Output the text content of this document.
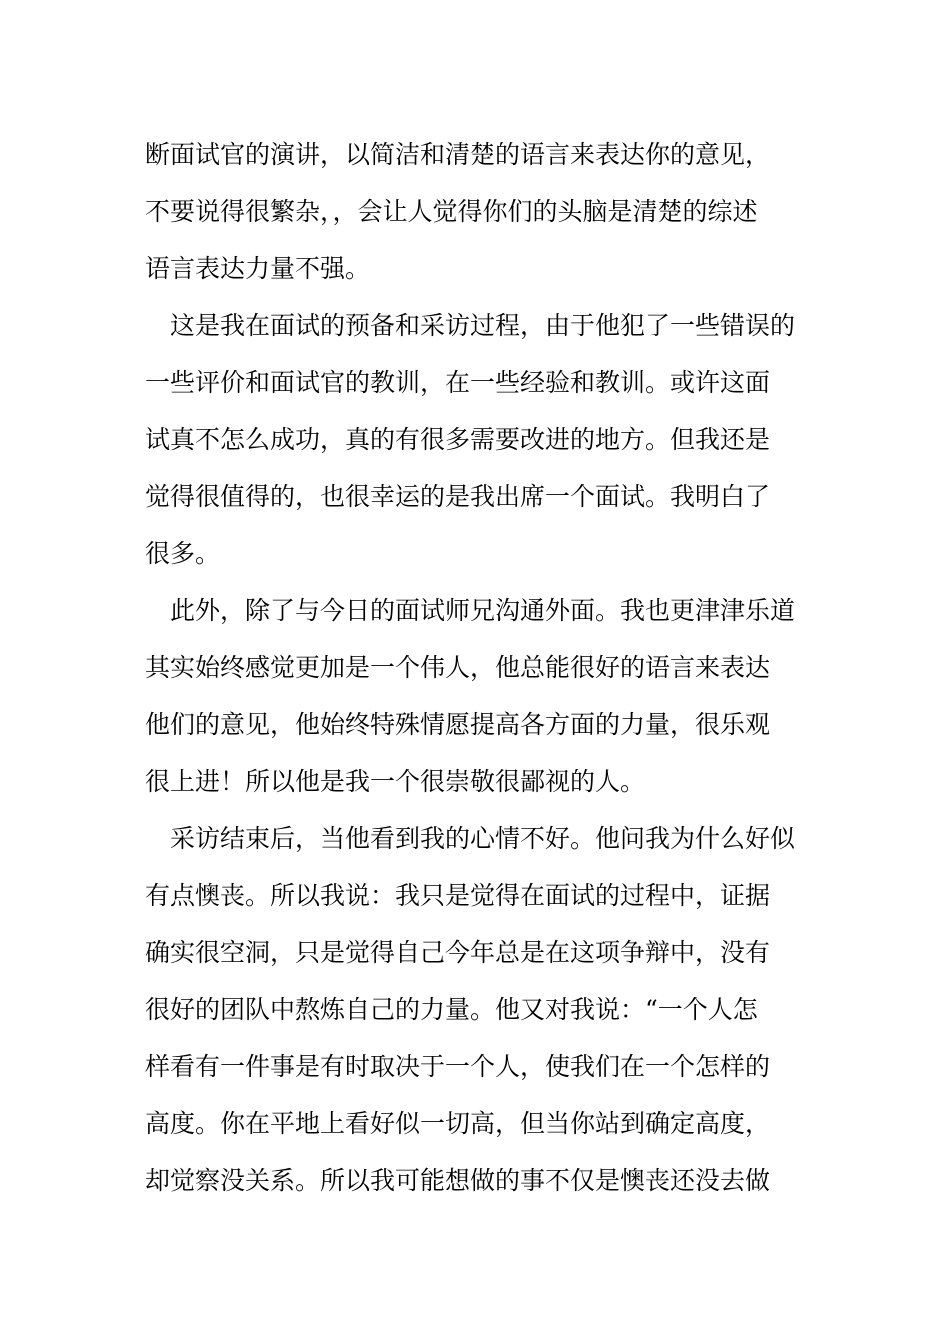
断面试官的演讲，以简洁和清楚的语言来表达你的意见，
不要说得很繁杂，，会让人觉得你们的头脑是清楚的综述
语言表达力量不强。

这是我在面试的预备和采访过程，由于他犯了一些错误的
一些评价和面试官的教训，在一些经验和教训。或许这面
试真不怎么成功，真的有很多需要改进的地方。但我还是
觉得很值得的，也很幸运的是我出席一个面试。我明白了
很多。

此外，除了与今日的面试师兄沟通外面。我也更津津乐道
其实始终感觉更加是一个伟人，他总能很好的语言来表达
他们的意见，他始终特殊情愿提高各方面的力量，很乐观
很上进！所以他是我一个很崇敬很鄙视的人。

采访结束后，当他看到我的心情不好。他问我为什么好似
有点懊丧。所以我说：我只是觉得在面试的过程中，证据
确实很空洞，只是觉得自己今年总是在这项争辩中，没有
很好的团队中熬炼自己的力量。他又对我说：“一个人怎
样看有一件事是有时取决于一个人，使我们在一个怎样的
高度。你在平地上看好似一切高，但当你站到确定高度，
却觉察没关系。所以我可能想做的事不仅是懊丧还没去做
